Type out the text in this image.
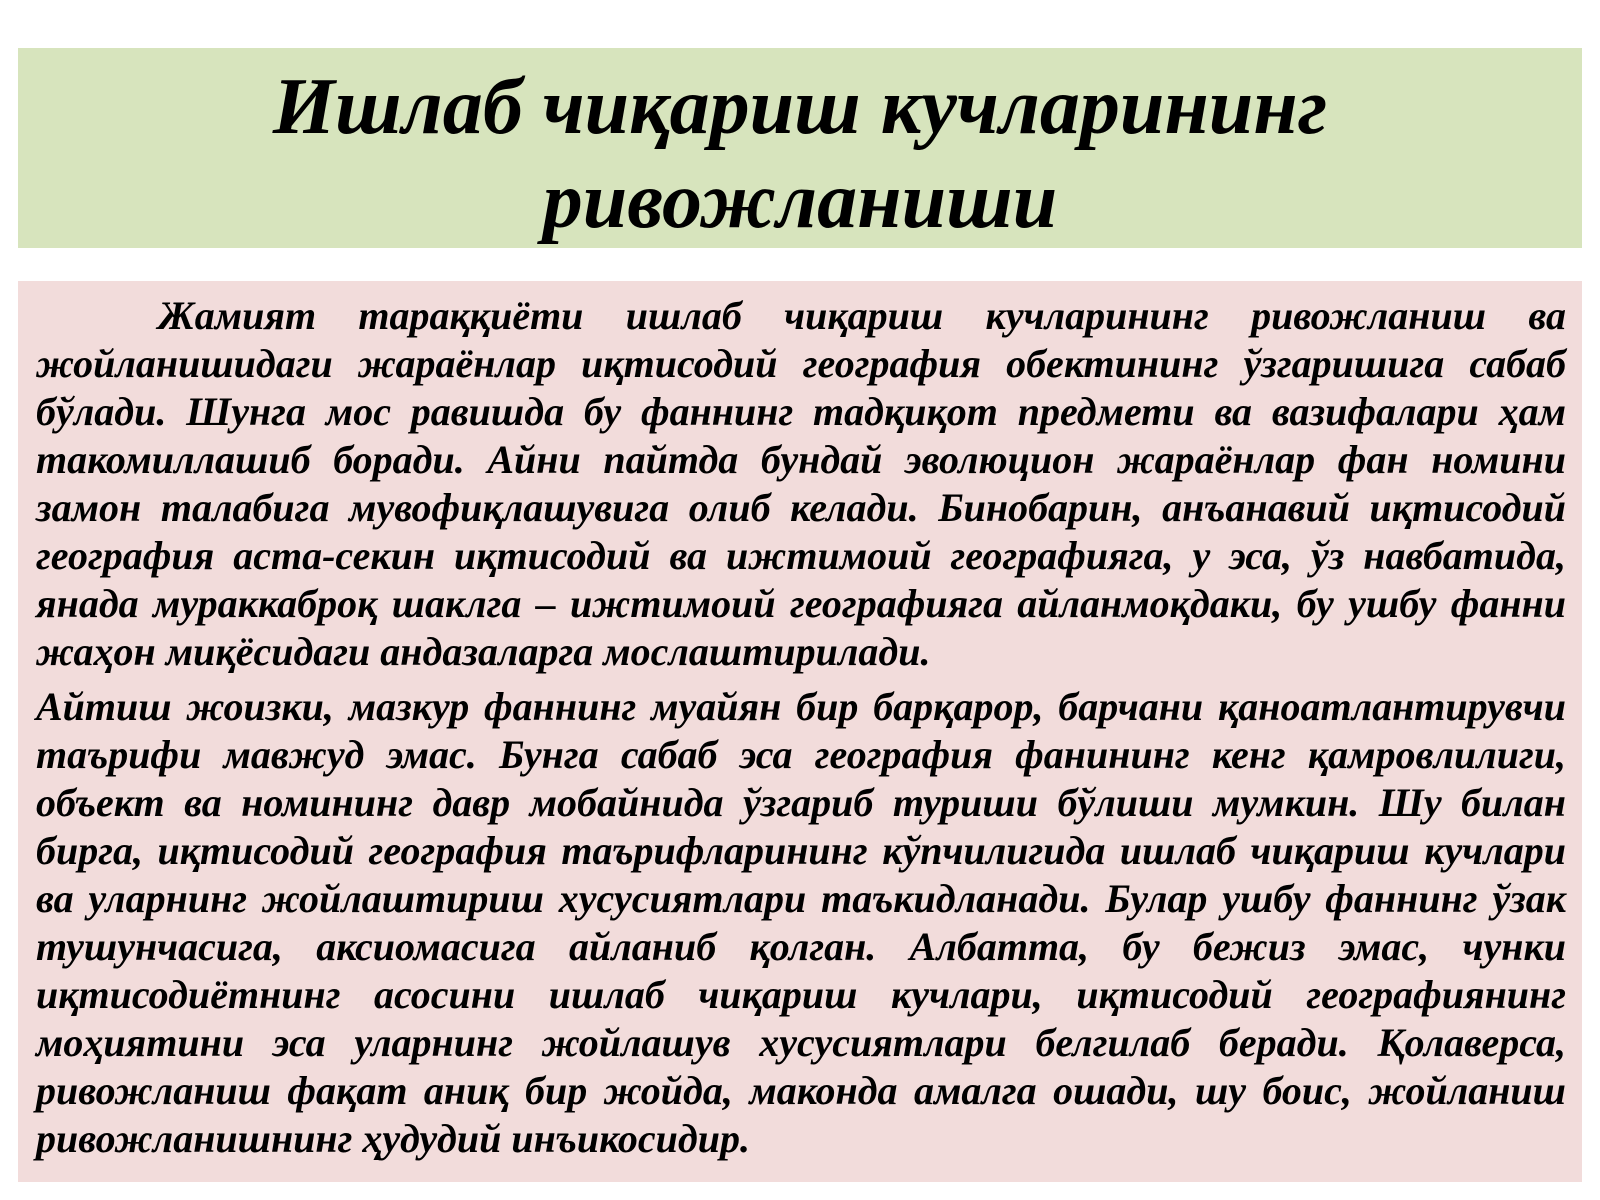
Ишлаб чиқариш кучларининг ривожланиши

Жамият тараққиёти ишлаб чиқариш кучларининг ривожланиш ва жойланишидаги жараёнлар иқтисодий география обектининг ўзгаришига сабаб бўлади. Шунга мос равишда бу фаннинг тадқиқот предмети ва вазифалари ҳам такомиллашиб боради. Айни пайтда бундай эволюцион жараёнлар фан номини замон талабига мувофиқлашувига олиб келади. Бинобарин, анъанавий иқтисодий география аста-секин иқтисодий ва ижтимоий географияга, у эса, ўз навбатида, янада мураккаброқ шаклга – ижтимоий географияга айланмоқдаки, бу ушбу фанни жаҳон миқёсидаги андазаларга мослаштирилади.

Айтиш жоизки, мазкур фаннинг муайян бир барқарор, барчани қаноатлантирувчи таърифи мавжуд эмас. Бунга сабаб эса география фанининг кенг қамровлилиги, объект ва номининг давр мобайнида ўзгариб туриши бўлиши мумкин. Шу билан бирга, иқтисодий география таърифларининг кўпчилигида ишлаб чиқариш кучлари ва уларнинг жойлаштириш хусусиятлари таъкидланади. Булар ушбу фаннинг ўзак тушунчасига, аксиомасига айланиб қолган. Албатта, бу бежиз эмас, чунки иқтисодиётнинг асосини ишлаб чиқариш кучлари, иқтисодий географиянинг моҳиятини эса уларнинг жойлашув хусусиятлари белгилаб беради. Қолаверса, ривожланиш фақат аниқ бир жойда, маконда амалга ошади, шу боис, жойланиш ривожланишнинг ҳудудий инъикосидир.
